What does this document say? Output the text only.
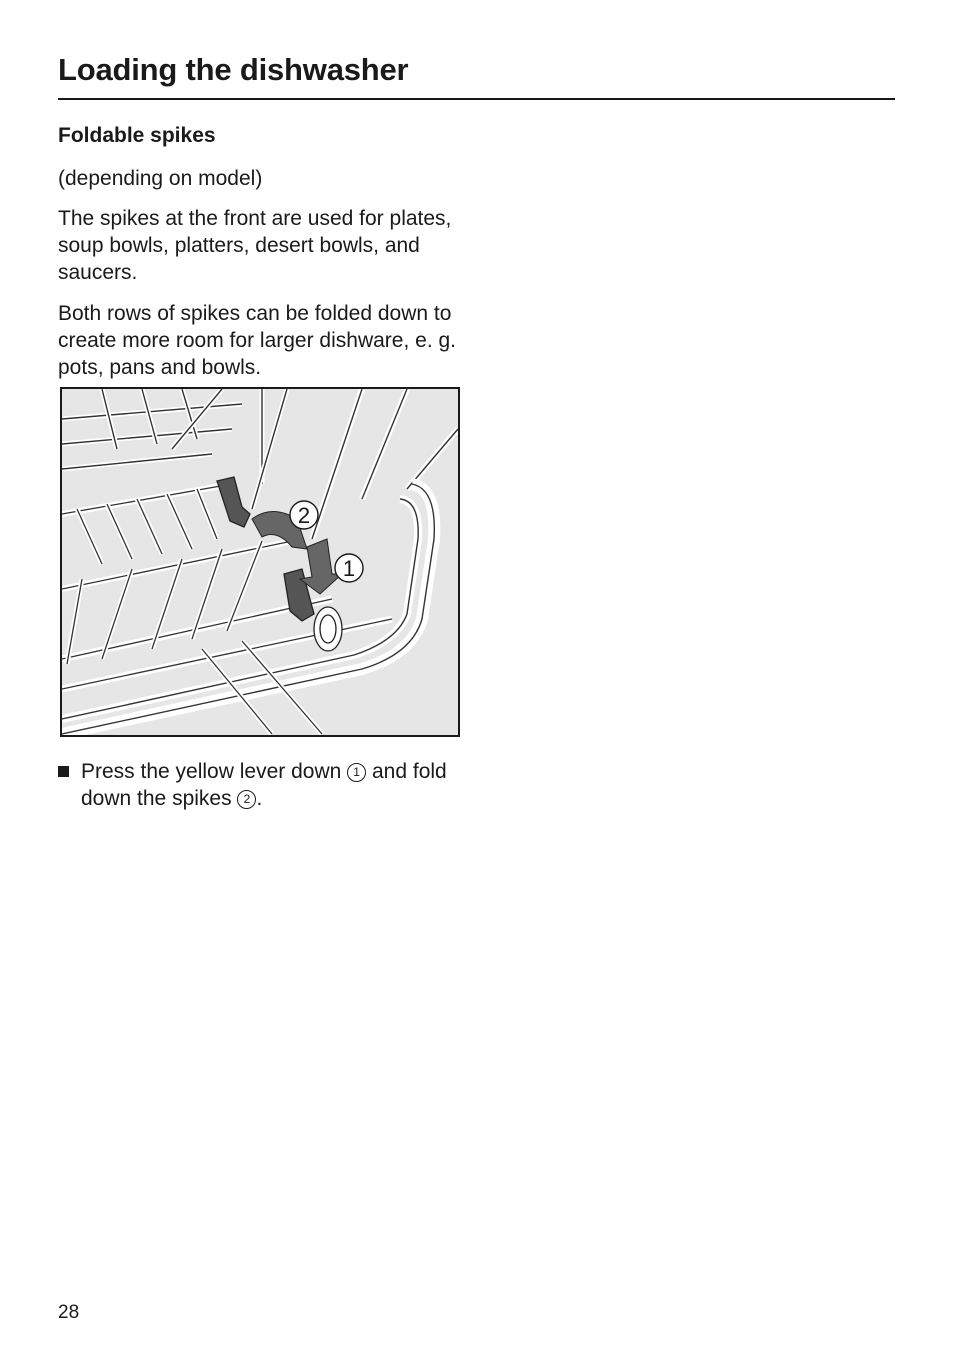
Loading the dishwasher
Foldable spikes

(depending on model)

The spikes at the front are used for plates, soup bowls, platters, desert bowls, and saucers.

Both rows of spikes can be folded down to create more room for larger dishware, e. g. pots, pans and bowls.

2
1
Press the yellow lever down 1 and fold down the spikes 2 .
28
